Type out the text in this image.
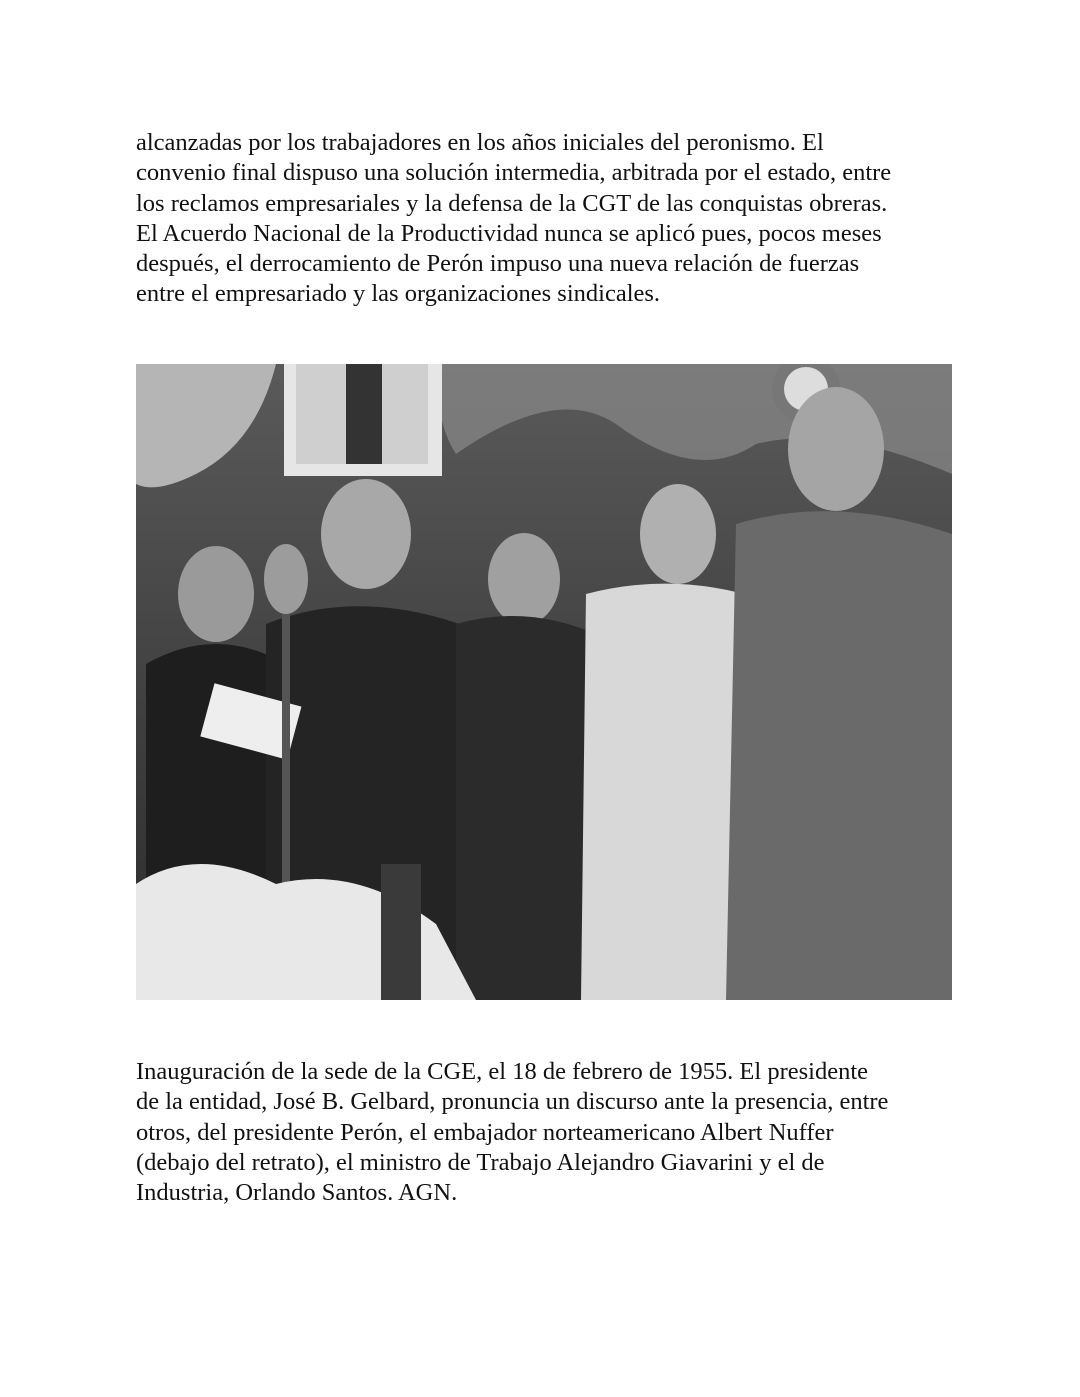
alcanzadas por los trabajadores en los años iniciales del peronismo. El
convenio final dispuso una solución intermedia, arbitrada por el estado, entre
los reclamos empresariales y la defensa de la CGT de las conquistas obreras.
El Acuerdo Nacional de la Productividad nunca se aplicó pues, pocos meses
después, el derrocamiento de Perón impuso una nueva relación de fuerzas
entre el empresariado y las organizaciones sindicales.
Inauguración de la sede de la CGE, el 18 de febrero de 1955. El presidente
de la entidad, José B. Gelbard, pronuncia un discurso ante la presencia, entre
otros, del presidente Perón, el embajador norteamericano Albert Nuffer
(debajo del retrato), el ministro de Trabajo Alejandro Giavarini y el de
Industria, Orlando Santos. AGN.
